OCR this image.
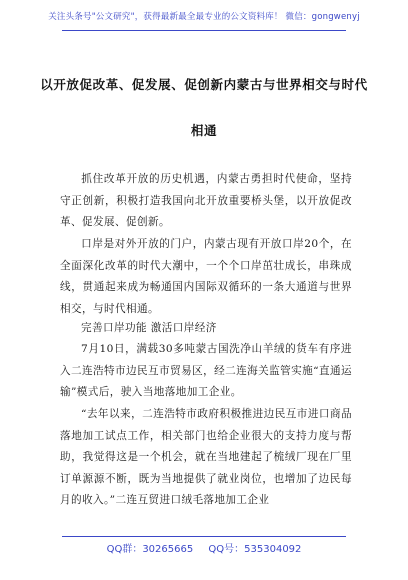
关注头条号"公文研究"，获得最新最全最专业的公文资料库！ 微信：gongwenyj
以开放促改革、促发展、促创新内蒙古与世界相交与时代
相通
抓住改革开放的历史机遇，内蒙古勇担时代使命，坚持守正创新，积极打造我国向北开放重要桥头堡，以开放促改革、促发展、促创新。
口岸是对外开放的门户，内蒙古现有开放口岸20个，在全面深化改革的时代大潮中，一个个口岸茁壮成长，串珠成线，贯通起来成为畅通国内国际双循环的一条大通道与世界相交，与时代相通。
完善口岸功能 激活口岸经济
7月10日，满载30多吨蒙古国洗净山羊绒的货车有序进入二连浩特市边民互市贸易区，经二连海关监管实施“直通运输”模式后，驶入当地落地加工企业。
“去年以来，二连浩特市政府积极推进边民互市进口商品落地加工试点工作，相关部门也给企业很大的支持力度与帮助，我觉得这是一个机会，就在当地建起了梳绒厂现在厂里订单源源不断，既为当地提供了就业岗位，也增加了边民每月的收入。”二连互贸进口绒毛落地加工企业
QQ群：30265665 QQ号：535304092
